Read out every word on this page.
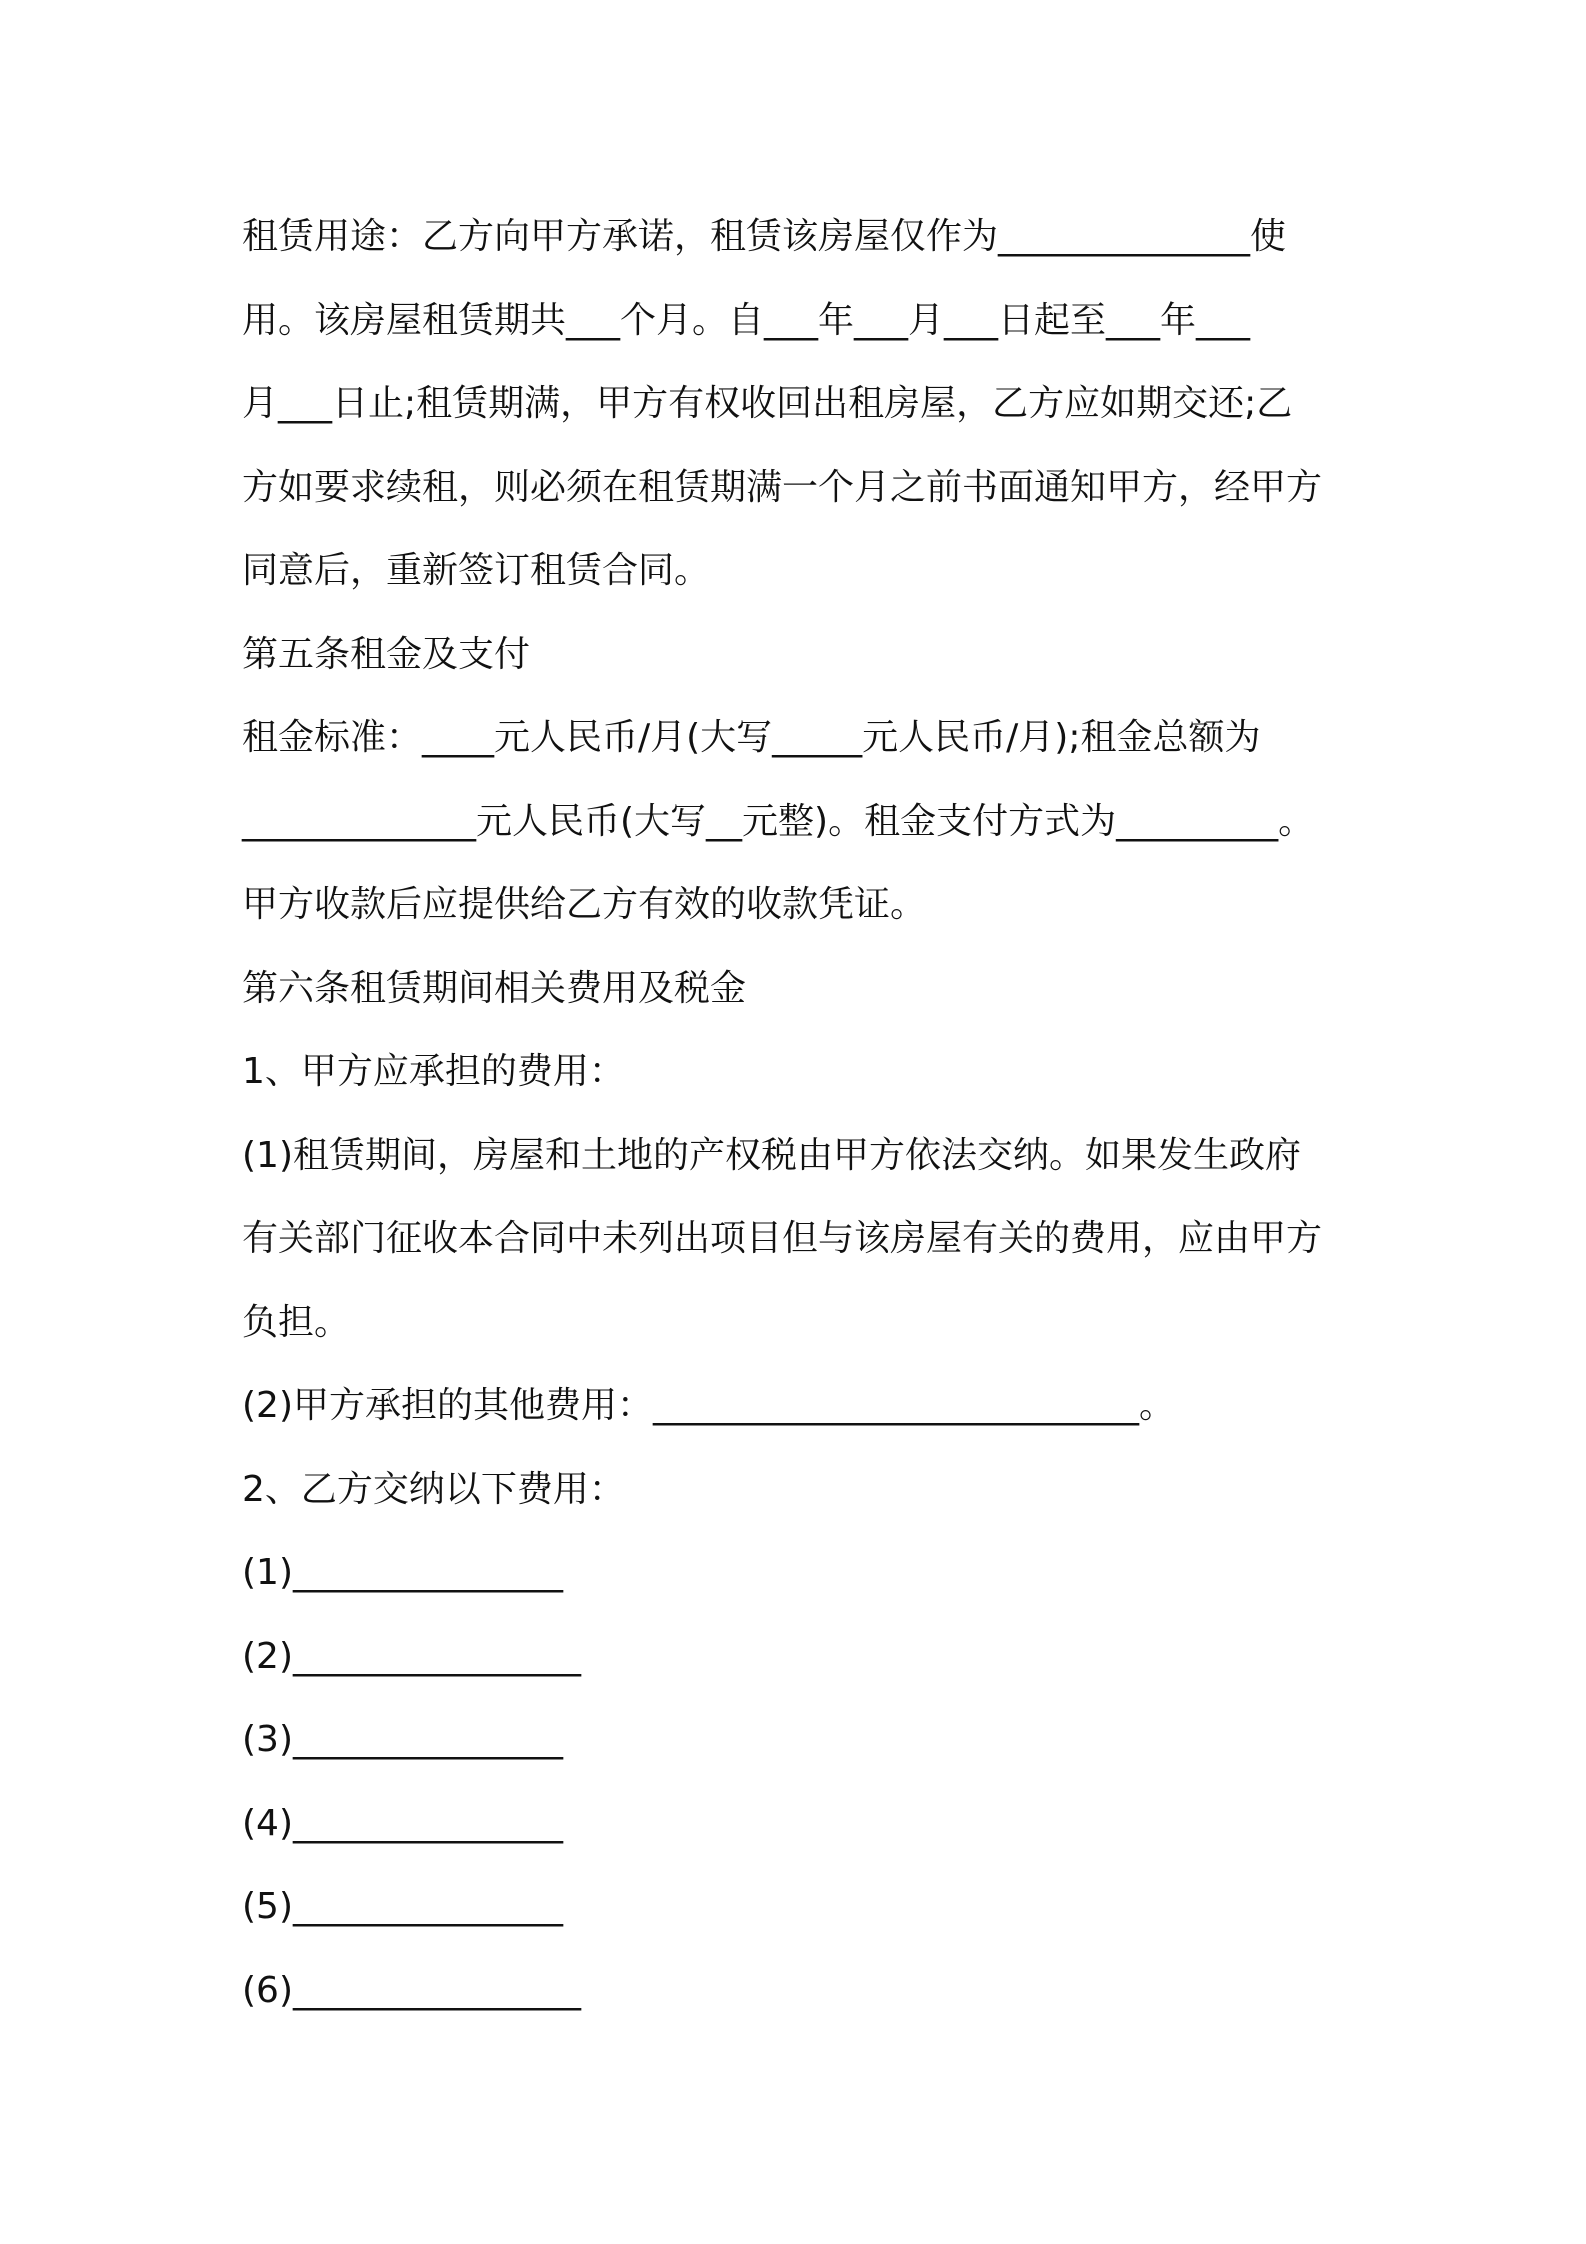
租赁用途：乙方向甲方承诺，租赁该房屋仅作为______________使
用。该房屋租赁期共___个月。自___年___月___日起至___年___
月___日止;租赁期满，甲方有权收回出租房屋，乙方应如期交还;乙
方如要求续租，则必须在租赁期满一个月之前书面通知甲方，经甲方
同意后，重新签订租赁合同。
第五条租金及支付
租金标准：____元人民币/月(大写_____元人民币/月);租金总额为
_____________元人民币(大写__元整)。租金支付方式为_________。
甲方收款后应提供给乙方有效的收款凭证。
第六条租赁期间相关费用及税金
1、甲方应承担的费用：
(1)租赁期间，房屋和土地的产权税由甲方依法交纳。如果发生政府
有关部门征收本合同中未列出项目但与该房屋有关的费用，应由甲方
负担。
(2)甲方承担的其他费用：___________________________。
2、乙方交纳以下费用：
(1)_______________
(2)________________
(3)_______________
(4)_______________
(5)_______________
(6)________________
